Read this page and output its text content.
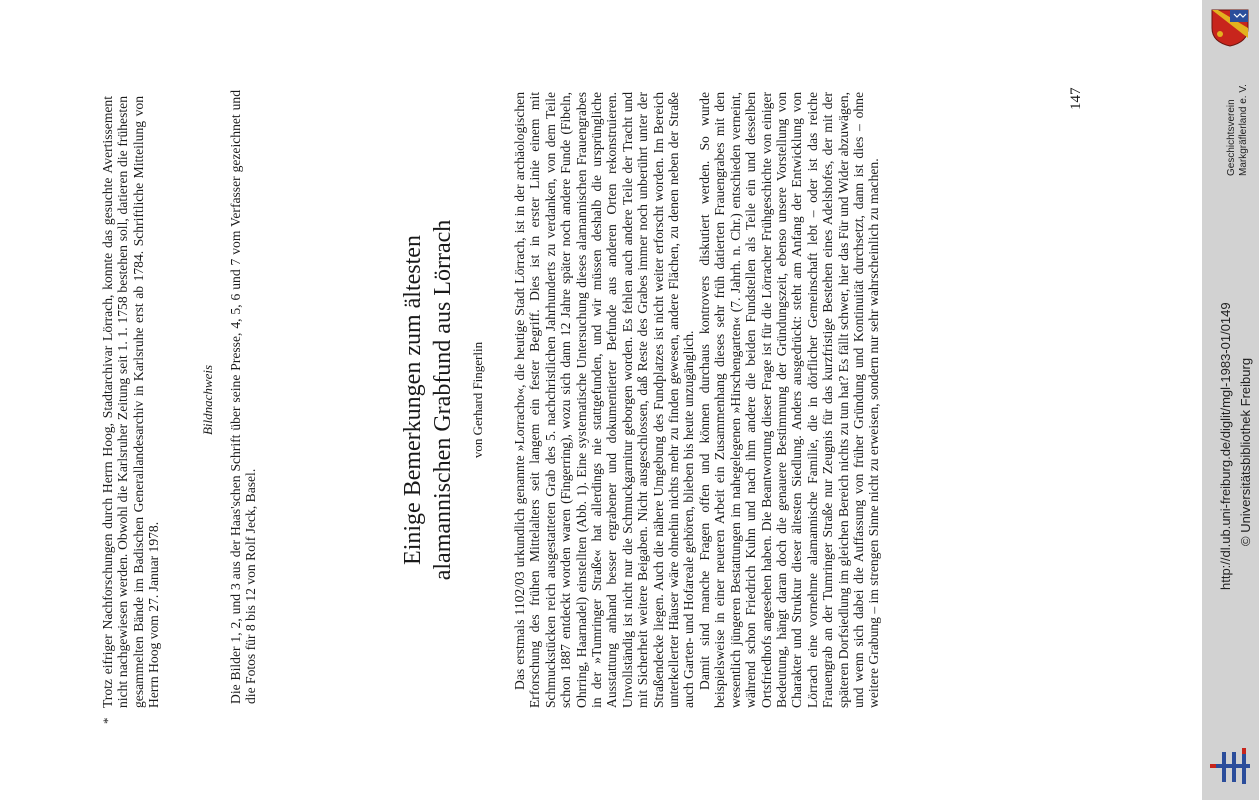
*
Trotz eifriger Nachforschungen durch Herrn Hoog, Stadtarchivar Lörrach, konnte das gesuchte Avertissement nicht nachgewiesen werden. Obwohl die Karlsruher Zeitung seit 1. 1. 1758 bestehen soll, datieren die frühesten gesammelten Bände im Badischen Generallandesarchiv in Karlsruhe erst ab 1784. Schriftliche Mitteilung von Herrn Hoog vom 27. Januar 1978.
Bildnachweis Die Bilder 1, 2, und 3 aus der Haas'schen Schrift über seine Presse, 4, 5, 6 und 7 vom Verfasser gezeichnet und die Fotos für 8 bis 12 von Rolf Jeck, Basel.
Einige Bemerkungen zum ältesten alamannischen Grabfund aus Lörrach von Gerhard Fingerlin Das erstmals 1102/03 urkundlich genannte »Lorracho«, die heutige Stadt Lörrach, ist in der archäologischen Erforschung des frühen Mittelalters seit langem ein fester Begriff. Dies ist in erster Linie einem mit Schmuckstücken reich ausgestatteten Grab des 5. nachchristlichen Jahrhunderts zu verdanken, von dem Teile schon 1887 entdeckt worden waren (Fingerring), wozu sich dann 12 Jahre später noch andere Funde (Fibeln, Ohrring, Haarnadel) einstellten (Abb. 1). Eine systematische Untersuchung dieses alamannischen Frauengrabes in der »Tumringer Straße« hat allerdings nie stattgefunden, und wir müssen deshalb die ursprüngliche Ausstattung anhand besser ergrabener und dokumentierter Befunde aus anderen Orten rekonstruieren. Unvollständig ist nicht nur die Schmuckgarnitur geborgen worden. Es fehlen auch andere Teile der Tracht und mit Sicherheit weitere Beigaben. Nicht ausgeschlossen, daß Reste des Grabes immer noch unberührt unter der Straßendecke liegen. Auch die nähere Umgebung des Fundplatzes ist nicht weiter erforscht worden. Im Bereich unterkellerter Häuser wäre ohnehin nichts mehr zu finden gewesen, andere Flächen, zu denen neben der Straße auch Garten- und Hofareale gehören, blieben bis heute unzugänglich. Damit sind manche Fragen offen und können durchaus kontrovers diskutiert werden. So wurde beispielsweise in einer neueren Arbeit ein Zusammenhang dieses sehr früh datierten Frauengrabes mit den wesentlich jüngeren Bestattungen im nahegelegenen »Hirschengarten« (7. Jahrh. n. Chr.) entschieden verneint, während schon Friedrich Kuhn und nach ihm andere die beiden Fundstellen als Teile ein und desselben Ortsfriedhofs angesehen haben. Die Beantwortung dieser Frage ist für die Lörracher Frühgeschichte von einiger Bedeutung, hängt daran doch die genauere Bestimmung der Gründungszeit, ebenso unsere Vorstellung von Charakter und Struktur dieser ältesten Siedlung. Anders ausgedrückt: steht am Anfang der Entwicklung von Lörrach eine vornehme alamannische Familie, die in dörflicher Gemeinschaft lebt – oder ist das reiche Frauengrab an der Tumringer Straße nur Zeugnis für das kurzfristige Bestehen eines Adelshofes, der mit der späteren Dorfsiedlung im gleichen Bereich nichts zu tun hat? Es fällt schwer, hier das Für und Wider abzuwägen, und wenn sich dabei die Auffassung von früher Gründung und Kontinuität durchsetzt, dann ist dies – ohne weitere Grabung – im strengen Sinne nicht zu erweisen, sondern nur sehr wahrscheinlich zu machen.

147
Geschichtsverein Markgräflerland e. V.
http://dl.ub.uni-freiburg.de/diglit/mgl-1983-01/0149 © Universitätsbibliothek Freiburg
